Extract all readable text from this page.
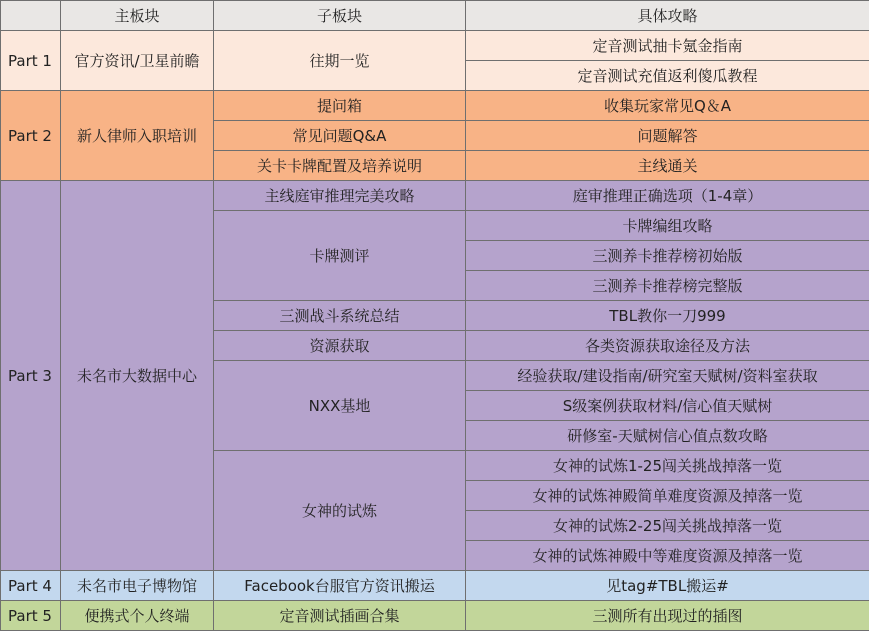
	主板块	子板块	具体攻略
Part 1	官方资讯/卫星前瞻	往期一览	定音测试抽卡氪金指南
			定音测试充值返利傻瓜教程
Part 2	新人律师入职培训	提问箱	收集玩家常见Q＆A
		常见问题Q&A	问题解答
		关卡卡牌配置及培养说明	主线通关
Part 3	未名市大数据中心	主线庭审推理完美攻略	庭审推理正确选项（1-4章）
		卡牌测评	卡牌编组攻略
			三测养卡推荐榜初始版
			三测养卡推荐榜完整版
		三测战斗系统总结	TBL教你一刀999
		资源获取	各类资源获取途径及方法
		NXX基地	经验获取/建设指南/研究室天赋树/资料室获取
			S级案例获取材料/信心值天赋树
			研修室-天赋树信心值点数攻略
		女神的试炼	女神的试炼1-25闯关挑战掉落一览
			女神的试炼神殿简单难度资源及掉落一览
			女神的试炼2-25闯关挑战掉落一览
			女神的试炼神殿中等难度资源及掉落一览
Part 4	未名市电子博物馆	Facebook台服官方资讯搬运	见tag#TBL搬运#
Part 5	便携式个人终端	定音测试插画合集	三测所有出现过的插图
